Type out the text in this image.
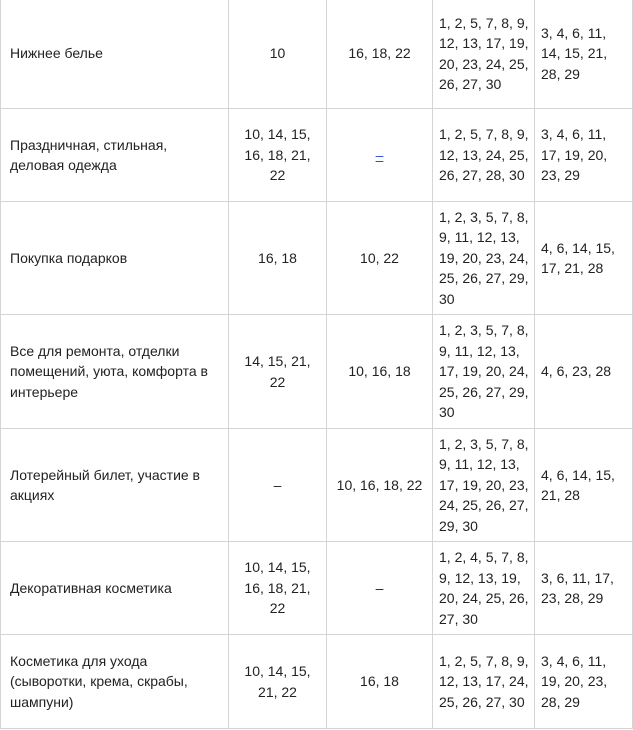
Нижнее белье	10	16, 18, 22	1, 2, 5, 7, 8, 9, 12, 13, 17, 19, 20, 23, 24, 25, 26, 27, 30	3, 4, 6, 11, 14, 15, 21, 28, 29
Праздничная, стильная, деловая одежда	10, 14, 15, 16, 18, 21, 22	–	1, 2, 5, 7, 8, 9, 12, 13, 24, 25, 26, 27, 28, 30	3, 4, 6, 11, 17, 19, 20, 23, 29
Покупка подарков	16, 18	10, 22	1, 2, 3, 5, 7, 8, 9, 11, 12, 13, 19, 20, 23, 24, 25, 26, 27, 29, 30	4, 6, 14, 15, 17, 21, 28
Все для ремонта, отделки помещений, уюта, комфорта в интерьере	14, 15, 21, 22	10, 16, 18	1, 2, 3, 5, 7, 8, 9, 11, 12, 13, 17, 19, 20, 24, 25, 26, 27, 29, 30	4, 6, 23, 28
Лотерейный билет, участие в акциях	–	10, 16, 18, 22	1, 2, 3, 5, 7, 8, 9, 11, 12, 13, 17, 19, 20, 23, 24, 25, 26, 27, 29, 30	4, 6, 14, 15, 21, 28
Декоративная косметика	10, 14, 15, 16, 18, 21, 22	–	1, 2, 4, 5, 7, 8, 9, 12, 13, 19, 20, 24, 25, 26, 27, 30	3, 6, 11, 17, 23, 28, 29
Косметика для ухода (сыворотки, крема, скрабы, шампуни)	10, 14, 15, 21, 22	16, 18	1, 2, 5, 7, 8, 9, 12, 13, 17, 24, 25, 26, 27, 30	3, 4, 6, 11, 19, 20, 23, 28, 29
